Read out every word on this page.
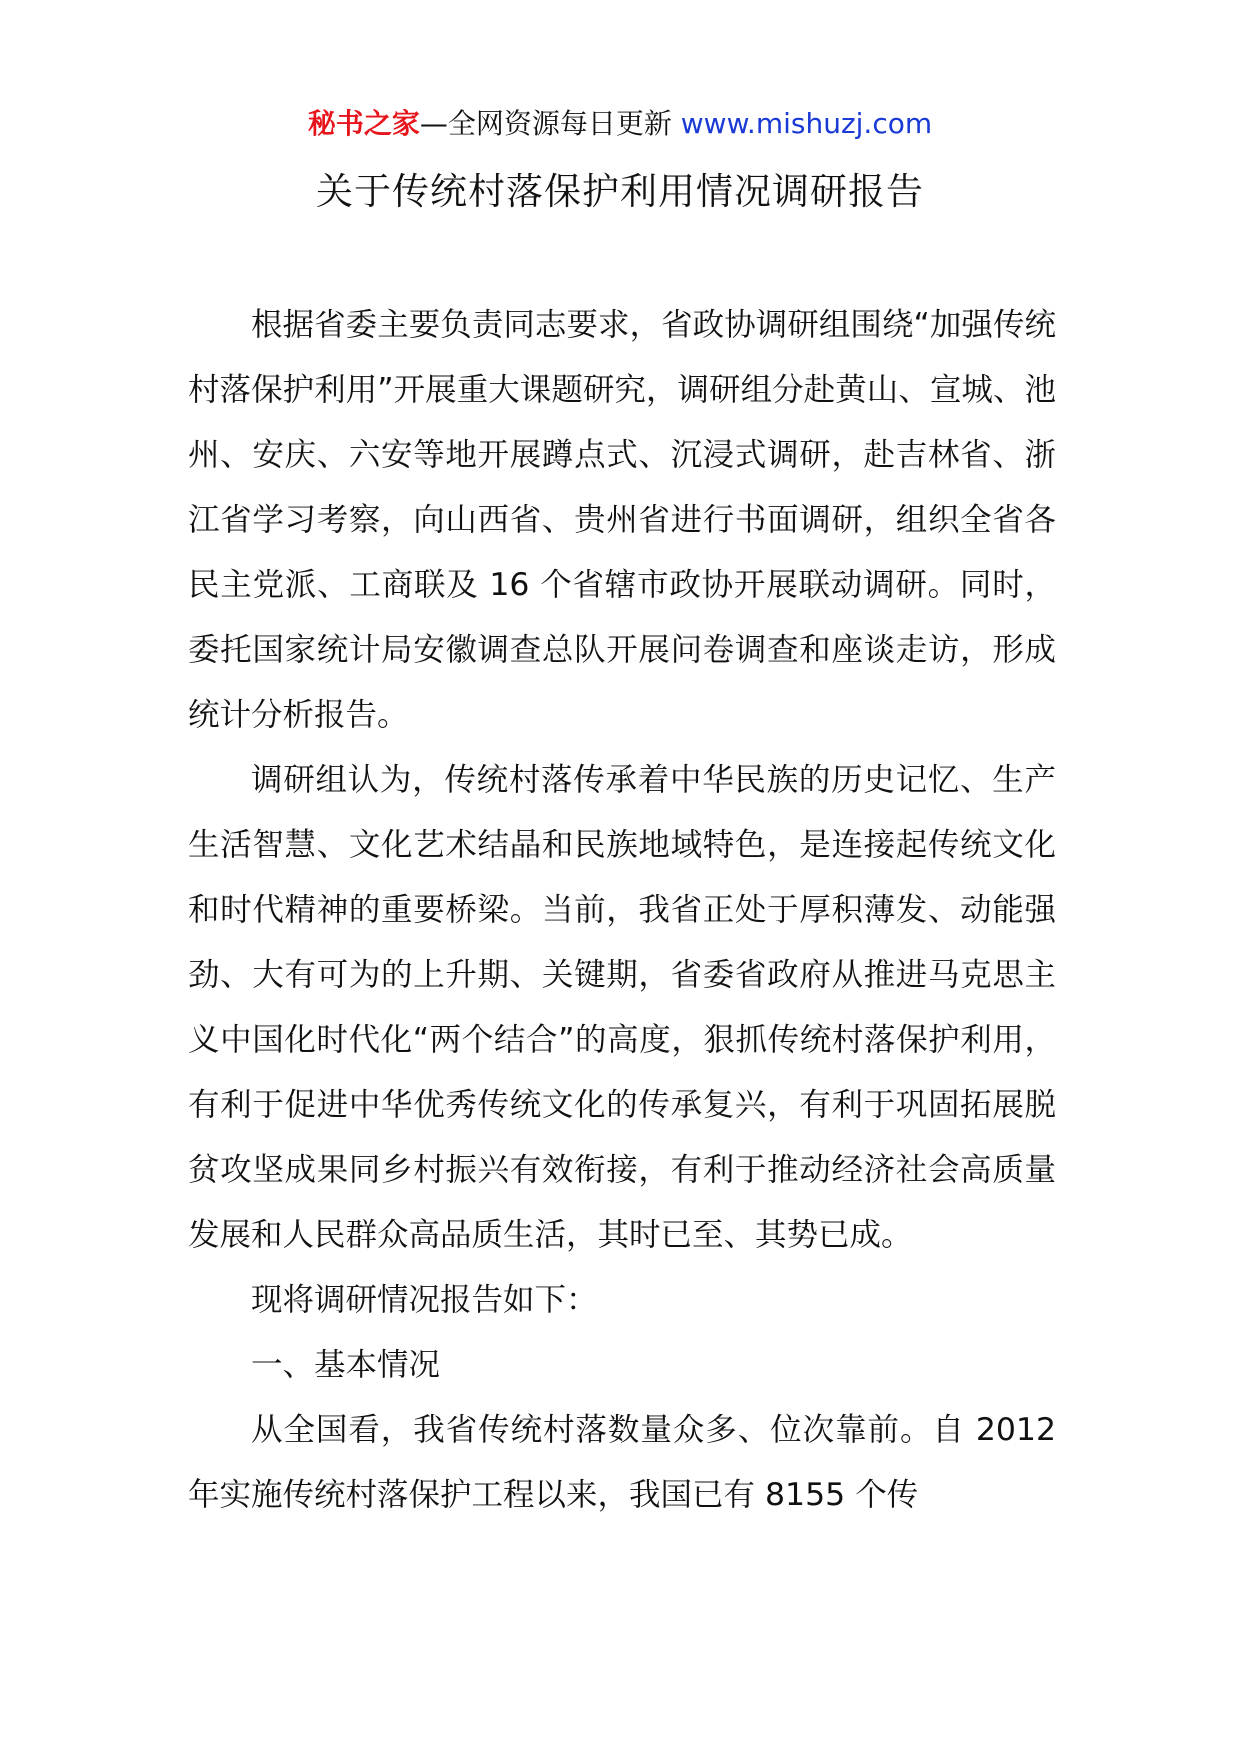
秘书之家—全网资源每日更新 www.mishuzj.com
关于传统村落保护利用情况调研报告

根据省委主要负责同志要求，省政协调研组围绕“加强传统村落保护利用”开展重大课题研究，调研组分赴黄山、宣城、池州、安庆、六安等地开展蹲点式、沉浸式调研，赴吉林省、浙江省学习考察，向山西省、贵州省进行书面调研，组织全省各民主党派、工商联及 16 个省辖市政协开展联动调研。同时，委托国家统计局安徽调查总队开展问卷调查和座谈走访，形成统计分析报告。

调研组认为，传统村落传承着中华民族的历史记忆、生产生活智慧、文化艺术结晶和民族地域特色，是连接起传统文化和时代精神的重要桥梁。当前，我省正处于厚积薄发、动能强劲、大有可为的上升期、关键期，省委省政府从推进马克思主义中国化时代化“两个结合”的高度，狠抓传统村落保护利用，有利于促进中华优秀传统文化的传承复兴，有利于巩固拓展脱贫攻坚成果同乡村振兴有效衔接，有利于推动经济社会高质量发展和人民群众高品质生活，其时已至、其势已成。

现将调研情况报告如下：

一、基本情况

从全国看，我省传统村落数量众多、位次靠前。自 2012 年实施传统村落保护工程以来，我国已有 8155 个传
